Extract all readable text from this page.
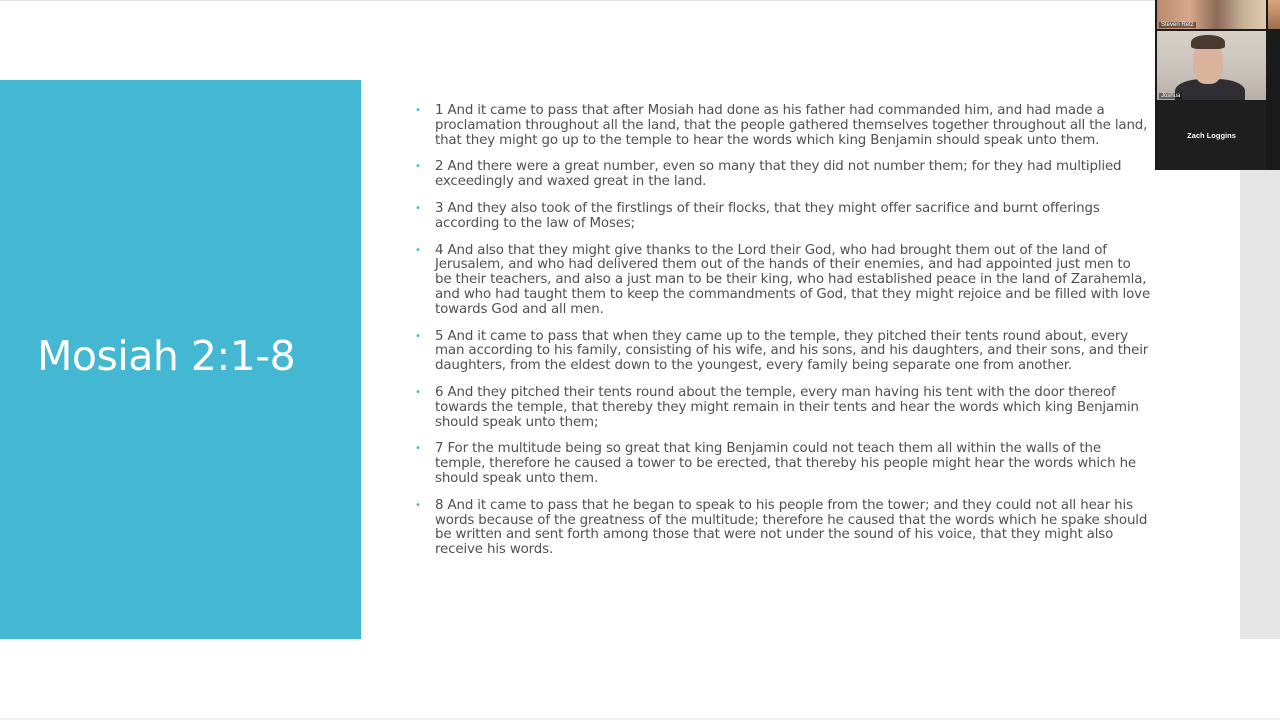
Mosiah 2:1-8
• 1 And it came to pass that after Mosiah had done as his father had commanded him, and had made a proclamation throughout all the land, that the people gathered themselves together throughout all the land, that they might go up to the temple to hear the words which king Benjamin should speak unto them.
• 2 And there were a great number, even so many that they did not number them; for they had multiplied exceedingly and waxed great in the land.
• 3 And they also took of the firstlings of their flocks, that they might offer sacrifice and burnt offerings according to the law of Moses;
• 4 And also that they might give thanks to the Lord their God, who had brought them out of the land of Jerusalem, and who had delivered them out of the hands of their enemies, and had appointed just men to be their teachers, and also a just man to be their king, who had established peace in the land of Zarahemla, and who had taught them to keep the commandments of God, that they might rejoice and be filled with love towards God and all men.
• 5 And it came to pass that when they came up to the temple, they pitched their tents round about, every man according to his family, consisting of his wife, and his sons, and his daughters, and their sons, and their daughters, from the eldest down to the youngest, every family being separate one from another.
• 6 And they pitched their tents round about the temple, every man having his tent with the door thereof towards the temple, that thereby they might remain in their tents and hear the words which king Benjamin should speak unto them;
• 7 For the multitude being so great that king Benjamin could not teach them all within the walls of the temple, therefore he caused a tower to be erected, that thereby his people might hear the words which he should speak unto them.
• 8 And it came to pass that he began to speak to his people from the tower; and they could not all hear his words because of the greatness of the multitude; therefore he caused that the words which he spake should be written and sent forth among those that were not under the sound of his voice, that they might also receive his words.
Steven Retz
Joshua
Zach Loggins
